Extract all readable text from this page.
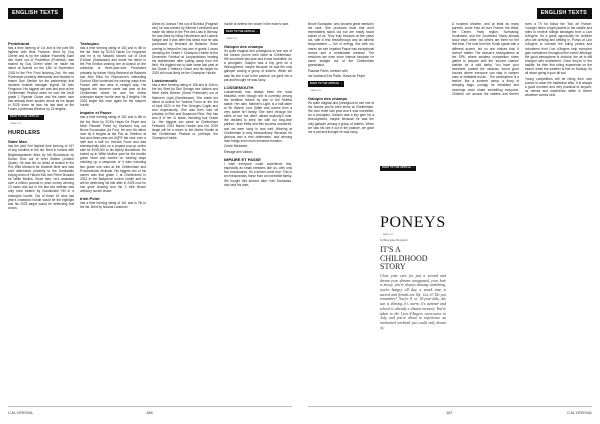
ENGLISH TEXTS
Protektorat

has a time forming of 1:6 and is the joint 9th highest with Best Frances. Bred by Guy Cherel and is by the stallion Pacevility Saint des Saint out of Protektion (Protektor) was trained by Guy Cherel when he made his debut at Auteuil on the 13th of September 2018 in the Prix Finot finishing 2nd. He was Purchased privately afterwards and headed to trainer Dan Skelton for the partnership that includes football manager legend Sir Alex Ferguson. His biggest win was last year at the Cheltenham Festival when he won the 2m4f grade 1 Ryanair Chase and the same race has already been spoken about as his target in 2025 since he won his last start at the Faurlu Lyncheass Windsor by 23 lengths.

BACK TO THE ARTICLE →
→ PAGE 122
HURDLERS
State Man

has the joint 2nd highest time forming of 167 of any hurdlers in the list. Bred in Ireland with Brightwaybasher Bred by Mb Bloodstock by Doctor Dino out of Arret Station (Johann Quatz). He was 3rd on debut at Auteuil in the Prix Wild Monarch for Danielle Mele and was sold afterwards privately to the formidable buying team of Harold Kirk and Pierre Boulard for Willie Mullins. Since then, he's amassed over a million pounds in prize money winning 13 races and put in his last two defeats was only once beaten by Constitution Hill in a champion hurdle. Out of those 16 wins last year's champion hurdle would be the highlight and his 2025 target would be defending that crown.

Teahupoo

has a time forming rating of 163 and is 4th in the list. Bred by SCEA Haras Du Hoguenet and he is by Masked Marvel out of Droit D'Aimer (Sassanian) and made his debut in the Prix Emilius winning one at Auteuil on the collection of three-year-olds Purchased privately by trainer Nicky Bertrand de Balanda and Alex Elliot for Robcourse's interesting Gordon Elliot continued his winning ways from France with two wins in straight way. His biggest win however came last year at the Cheltenham where he won the oldest champion stayer hurdle race by 3 lengths. His 2025 target will once again be the stayer's hurdle.

Impaire et Passe

has a time forming rating of 162 and is 6th in the list. Bred by SCEA Haras De Peyré and Mme Pascale Pahin by Diamond boy out Brune Eccossaise (Le Fou). He won his debut race by 6 lengths at the Prix du Telethon at four-and-three-year-old AQPS flat race over a mile and a half for Yannick Fouin and was subsequently sold on a Arqana pop-up online sale for €155,000 to his Byerly bloodstock. He ended up in Willie Mullins yard for the double green team and carried on winning ways notching up a sequence of 4 wins including two grade one wins at the Cheltenham and Punchestown festivals. His biggest win of his career was that grade 1 at Cheltenham in 2023 in the Ballymore novice hurdle and he will be defending his title after in 2025 now he has gone chasing and the 2 mile Brown advisory novice chase.

Irish Point

has a time forming rating of 161 and is 7th in the list. Bred by Nicolas Landonet

Alexis by Joshua Tree out of Burkina (Fragrant mix) he was trained by Etienne Leenhardt and made his debut in the Prix des Lilas in Bernay. He was Bred by Nicky Henderson and Ludovic Maigre and it was after this debut that he was purchased by Bertrand de Balanda. Since coming to Ireland he has won in grade 1 races including the Grade 1 Champion Hurdle at the December Festival at Leopardstown beating his stablemates after pulling away from the field. His biggest win to date came last year at the Grade 1 Hatton's Grace and his target for 2025 will most likely be the Champion Hurdle.

Lossiemouth

has a time forming rating of 158 and is 10th in the list. Bred by Sarl Gexage des Vallons and Mme Kellis Breeze (Great Pretender) out of Mariner's Light (Gentlewave). She made her debut at Auteuil for Yannick Fouin on the 3rd of April 2022 in the Prix Georges Coglin and won impressively. She was then sold off privately to Rich and Susannah Ricci. She has won 8 of her 11 starts, including four Grade 1s. Her biggest win came at Cheltenham Festival's 2024 Mares Hurdle and her 2025 target will be a return to the Mares Hurdle at the Cheltenham Festival or, perhaps, the Champion Hurdle.

hurdle or defend her crown in the mare's race.

BACK TO THE ARTICLE →
→ PAGE 122
Galopin des champs

It's quite magical and prestigious to see one of the horses you've bred shine at Cheltenham. We won three last year and it was incredible. As a youngster, Galopin was a tiny gem for a thoroughbred, maybe because he was the only galloper among a group of trotters. When we saw his sire it out in the pasture, we gave her a pat and thought he was lucky.

LOSSIEMOUTH

Lossiemouth has always been the most beautiful, even though she is currently among the smallest horses by size in the Mullins stable. Her dam, Mariner's Light, is a half-sister to Sir Winner Lord Glitter and comes from a very active NH family. She went through the sales at two but didn't attract anybody's bids. We decided to keep her with our long-time partner, Jean Kellis and this success wonderful, and we were lucky in how well. Winning at Cheltenham is truly extraordinary. Because it's glorious and a real celebration, and winning race brings even more immense emotion.

Cécile Madamet,

Élevage des Vallons

IMPAIRE ET PASSE

I wish everyone could experience this, especially as small breeders like us, with only five broodmares. It's a dream come true. This is an extraordinary horse from an incredible family. We bought this second dam, Kell Ecossaise, and kept his dam,

CALOREMA	186
ENGLISH TEXTS

Brune Ecossaise, who showed great mental in the race. She produces foals that don't immediately stand out but are easily found ahead of us. They truly blossom at five years old, with a real breakthrough and an athletic temperament — full of energy. But with our mares we see Impairet Passe has exceptional moves and a remarkable mindset. The emotions are even more intense because he came straight out of the Cheltenham grandstand.

Pascale Pahin, breeder with

her husband Eric Pahin, Haras de Peyré

BACK TO THE ARTICLE →
→ PAGE 122
Galopin des champs

It's quite magical and prestigious to see one of the horses you've bred shine at Cheltenham. We won three last year and it was incredible. As a youngster, Galopin was a tiny gem for a thoroughbred, maybe because he was the only galloper among a group of trotters. When we saw his sire it out in the pasture, we gave her a pat and thought he was lucky.

BACK TO THE ARTICLE →
PONEYS
→ PAGE 122
by Bérengère Rossignol
IT'S A CHILDHOOD STORY

Close your eyes for just a second and dream your dreams unopposed, your hair is messy, you're always missing something, you're hungry all day, a snack time is sacred and friends are life. Got it? Do you remember? You're 8 or 10-year-olds, the sun is shining, it's warm, it's summer and school is already a distant memory. You're taken to the Lion d'Angers racecourse in July, and you're about to experience an enchanted weekend you could only dream of.

A hundred children, and at least as many parents, come from all over France: the West, the Center, Paris region, Normandy, Southwest, and the Southeast. Many already know each other, but others are there for the first time. The kids from the South speak with a different accent, but no one notices that, it doesn't matter. The season's headquarters at the SPA, where amateur competition riders gather to prepare with the 'second chance' stables for a wild derby. You have your bedsheet: parked the caravan, found good houses where everyone can stay in camper vans or inflatable trucks... The atmosphere is a festive, like a summer camp: a flurry of sleeping bags, poodgy for breakfast and mornings clock share something everyone. Children run around the stables and there's even a TV for follow the Tour de France. Younger riders a tight jackets in the saddle and rides to receive ridings bandages from a Lion d'Angers. It's a great opportunity for children who are arriving and settling in. Ponys at Lion d'Angers to oversee the riding ponies and volunteers from Lion d'Angers help everyone gain confidence throughout the event. Although the good atmosphere is obvious, the air is still charged with excitement. Once they're in the saddle, for their first riding experience on the beach, when the weather is fine on Sunday, it's all about giving it your all too!

Young competitors will be riding their own ponies to wear the traditional silks. It is always a good moment and very practical to anyone, as nerves and experience settle in before whatever comes next.

187	CALOREMA
